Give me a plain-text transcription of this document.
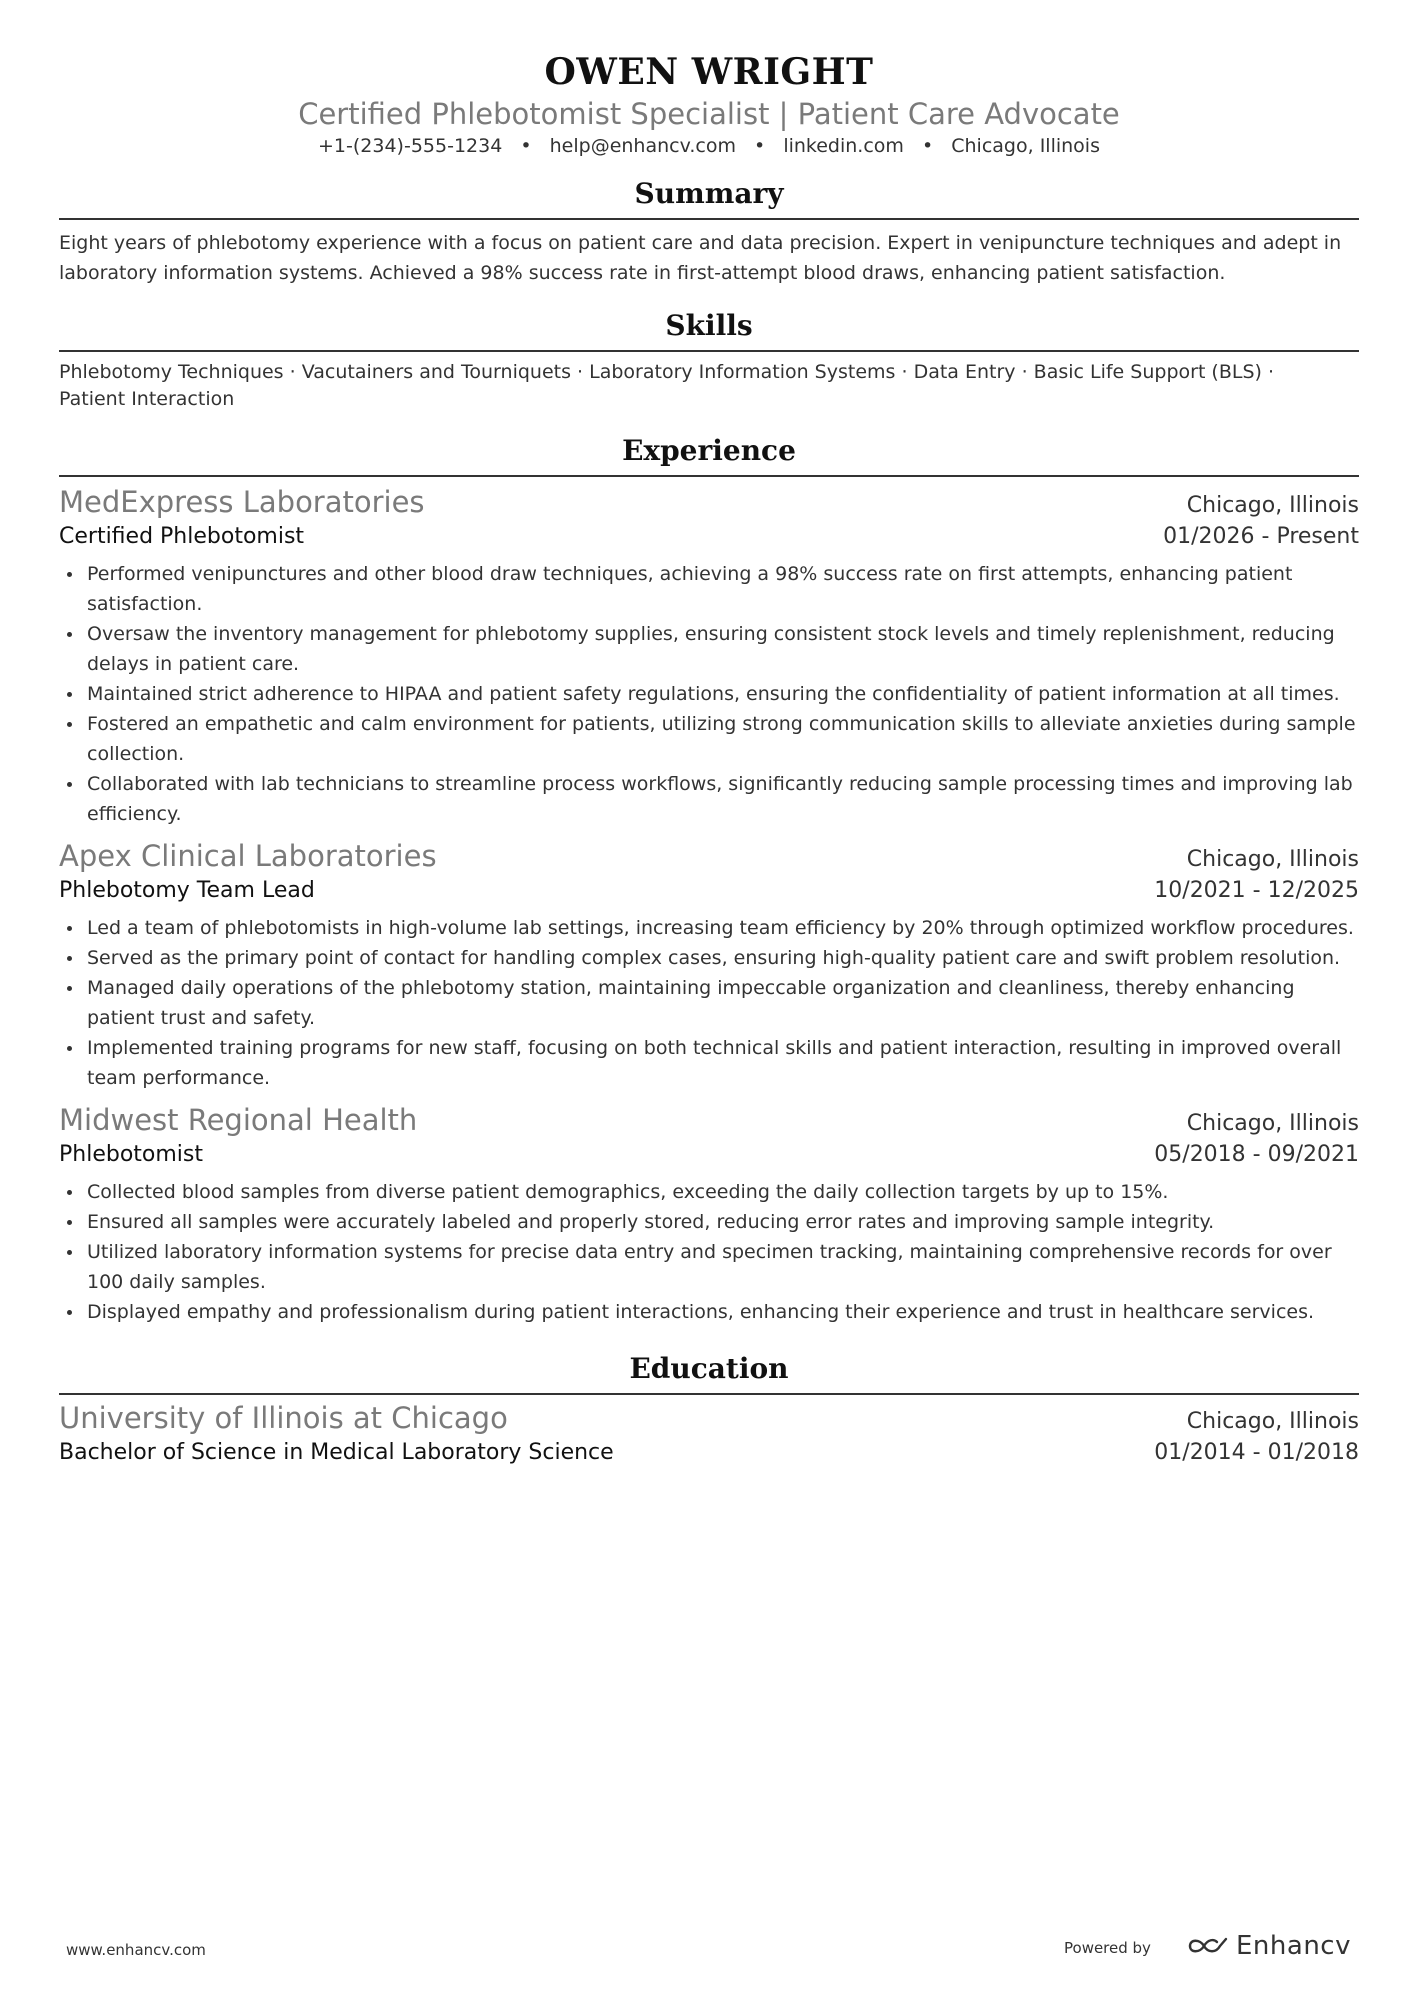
OWEN WRIGHT
Certified Phlebotomist Specialist | Patient Care Advocate
+1-(234)-555-1234 • help@enhancv.com • linkedin.com • Chicago, Illinois
Summary
Eight years of phlebotomy experience with a focus on patient care and data precision. Expert in venipuncture techniques and adept in laboratory information systems. Achieved a 98% success rate in first-attempt blood draws, enhancing patient satisfaction.
Skills
Phlebotomy Techniques · Vacutainers and Tourniquets · Laboratory Information Systems · Data Entry · Basic Life Support (BLS) ·
Patient Interaction
Experience
MedExpress Laboratories	Chicago, Illinois
Certified Phlebotomist	01/2026 - Present
Performed venipunctures and other blood draw techniques, achieving a 98% success rate on first attempts, enhancing patient satisfaction.
Oversaw the inventory management for phlebotomy supplies, ensuring consistent stock levels and timely replenishment, reducing delays in patient care.
Maintained strict adherence to HIPAA and patient safety regulations, ensuring the confidentiality of patient information at all times.
Fostered an empathetic and calm environment for patients, utilizing strong communication skills to alleviate anxieties during sample collection.
Collaborated with lab technicians to streamline process workflows, significantly reducing sample processing times and improving lab efficiency.
Apex Clinical Laboratories	Chicago, Illinois
Phlebotomy Team Lead	10/2021 - 12/2025
Led a team of phlebotomists in high-volume lab settings, increasing team efficiency by 20% through optimized workflow procedures.
Served as the primary point of contact for handling complex cases, ensuring high-quality patient care and swift problem resolution.
Managed daily operations of the phlebotomy station, maintaining impeccable organization and cleanliness, thereby enhancing patient trust and safety.
Implemented training programs for new staff, focusing on both technical skills and patient interaction, resulting in improved overall team performance.
Midwest Regional Health	Chicago, Illinois
Phlebotomist	05/2018 - 09/2021
Collected blood samples from diverse patient demographics, exceeding the daily collection targets by up to 15%.
Ensured all samples were accurately labeled and properly stored, reducing error rates and improving sample integrity.
Utilized laboratory information systems for precise data entry and specimen tracking, maintaining comprehensive records for over 100 daily samples.
Displayed empathy and professionalism during patient interactions, enhancing their experience and trust in healthcare services.
Education
University of Illinois at Chicago	Chicago, Illinois
Bachelor of Science in Medical Laboratory Science	01/2014 - 01/2018
www.enhancv.com	Powered by	Enhancv
